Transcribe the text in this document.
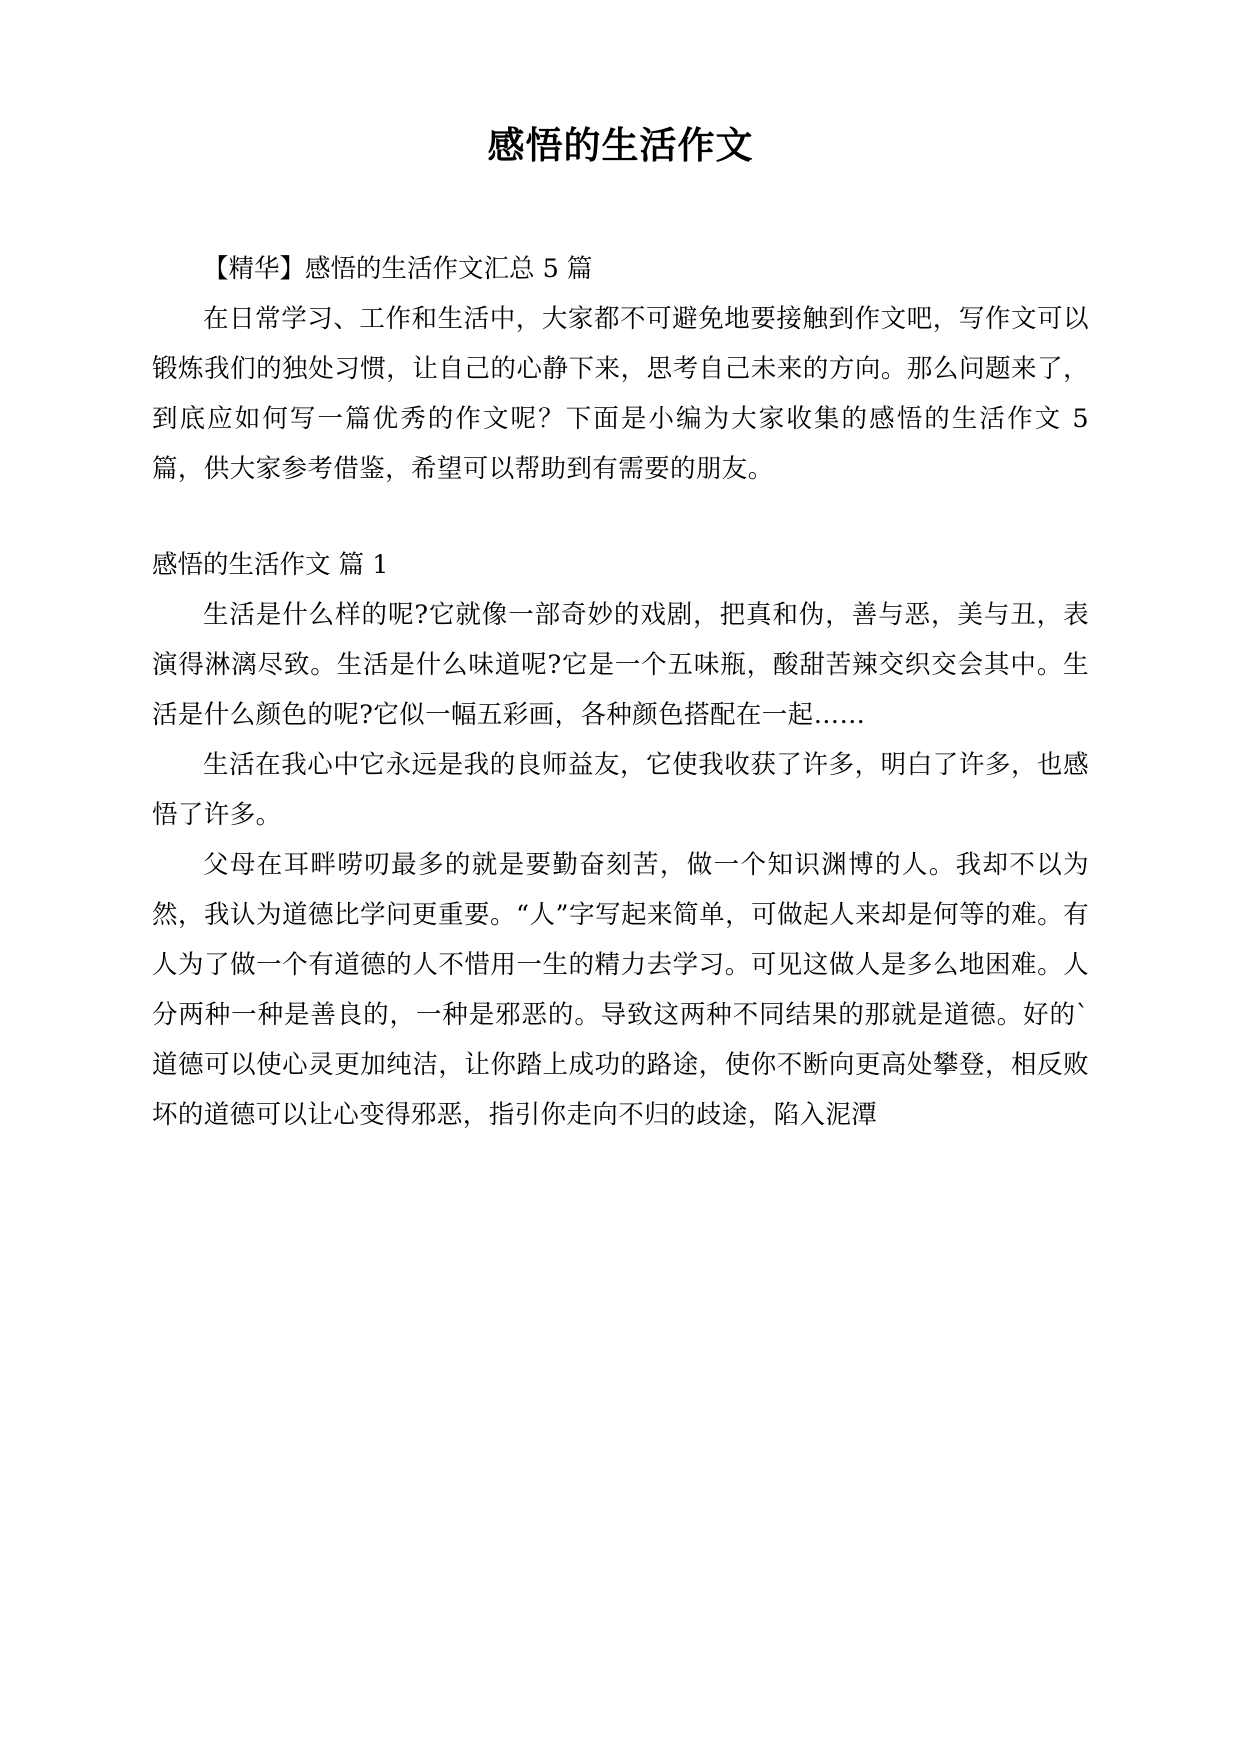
感悟的生活作文

【精华】感悟的生活作文汇总 5 篇

在日常学习、工作和生活中，大家都不可避免地要接触到作文吧，写作文可以锻炼我们的独处习惯，让自己的心静下来，思考自己未来的方向。那么问题来了，到底应如何写一篇优秀的作文呢？下面是小编为大家收集的感悟的生活作文 5 篇，供大家参考借鉴，希望可以帮助到有需要的朋友。

感悟的生活作文 篇 1

生活是什么样的呢?它就像一部奇妙的戏剧，把真和伪，善与恶，美与丑，表演得淋漓尽致。生活是什么味道呢?它是一个五味瓶，酸甜苦辣交织交会其中。生活是什么颜色的呢?它似一幅五彩画，各种颜色搭配在一起……

生活在我心中它永远是我的良师益友，它使我收获了许多，明白了许多，也感悟了许多。

父母在耳畔唠叨最多的就是要勤奋刻苦，做一个知识渊博的人。我却不以为然，我认为道德比学问更重要。“人”字写起来简单，可做起人来却是何等的难。有人为了做一个有道德的人不惜用一生的精力去学习。可见这做人是多么地困难。人分两种一种是善良的，一种是邪恶的。导致这两种不同结果的那就是道德。好的`道德可以使心灵更加纯洁，让你踏上成功的路途，使你不断向更高处攀登，相反败坏的道德可以让心变得邪恶，指引你走向不归的歧途，陷入泥潭
